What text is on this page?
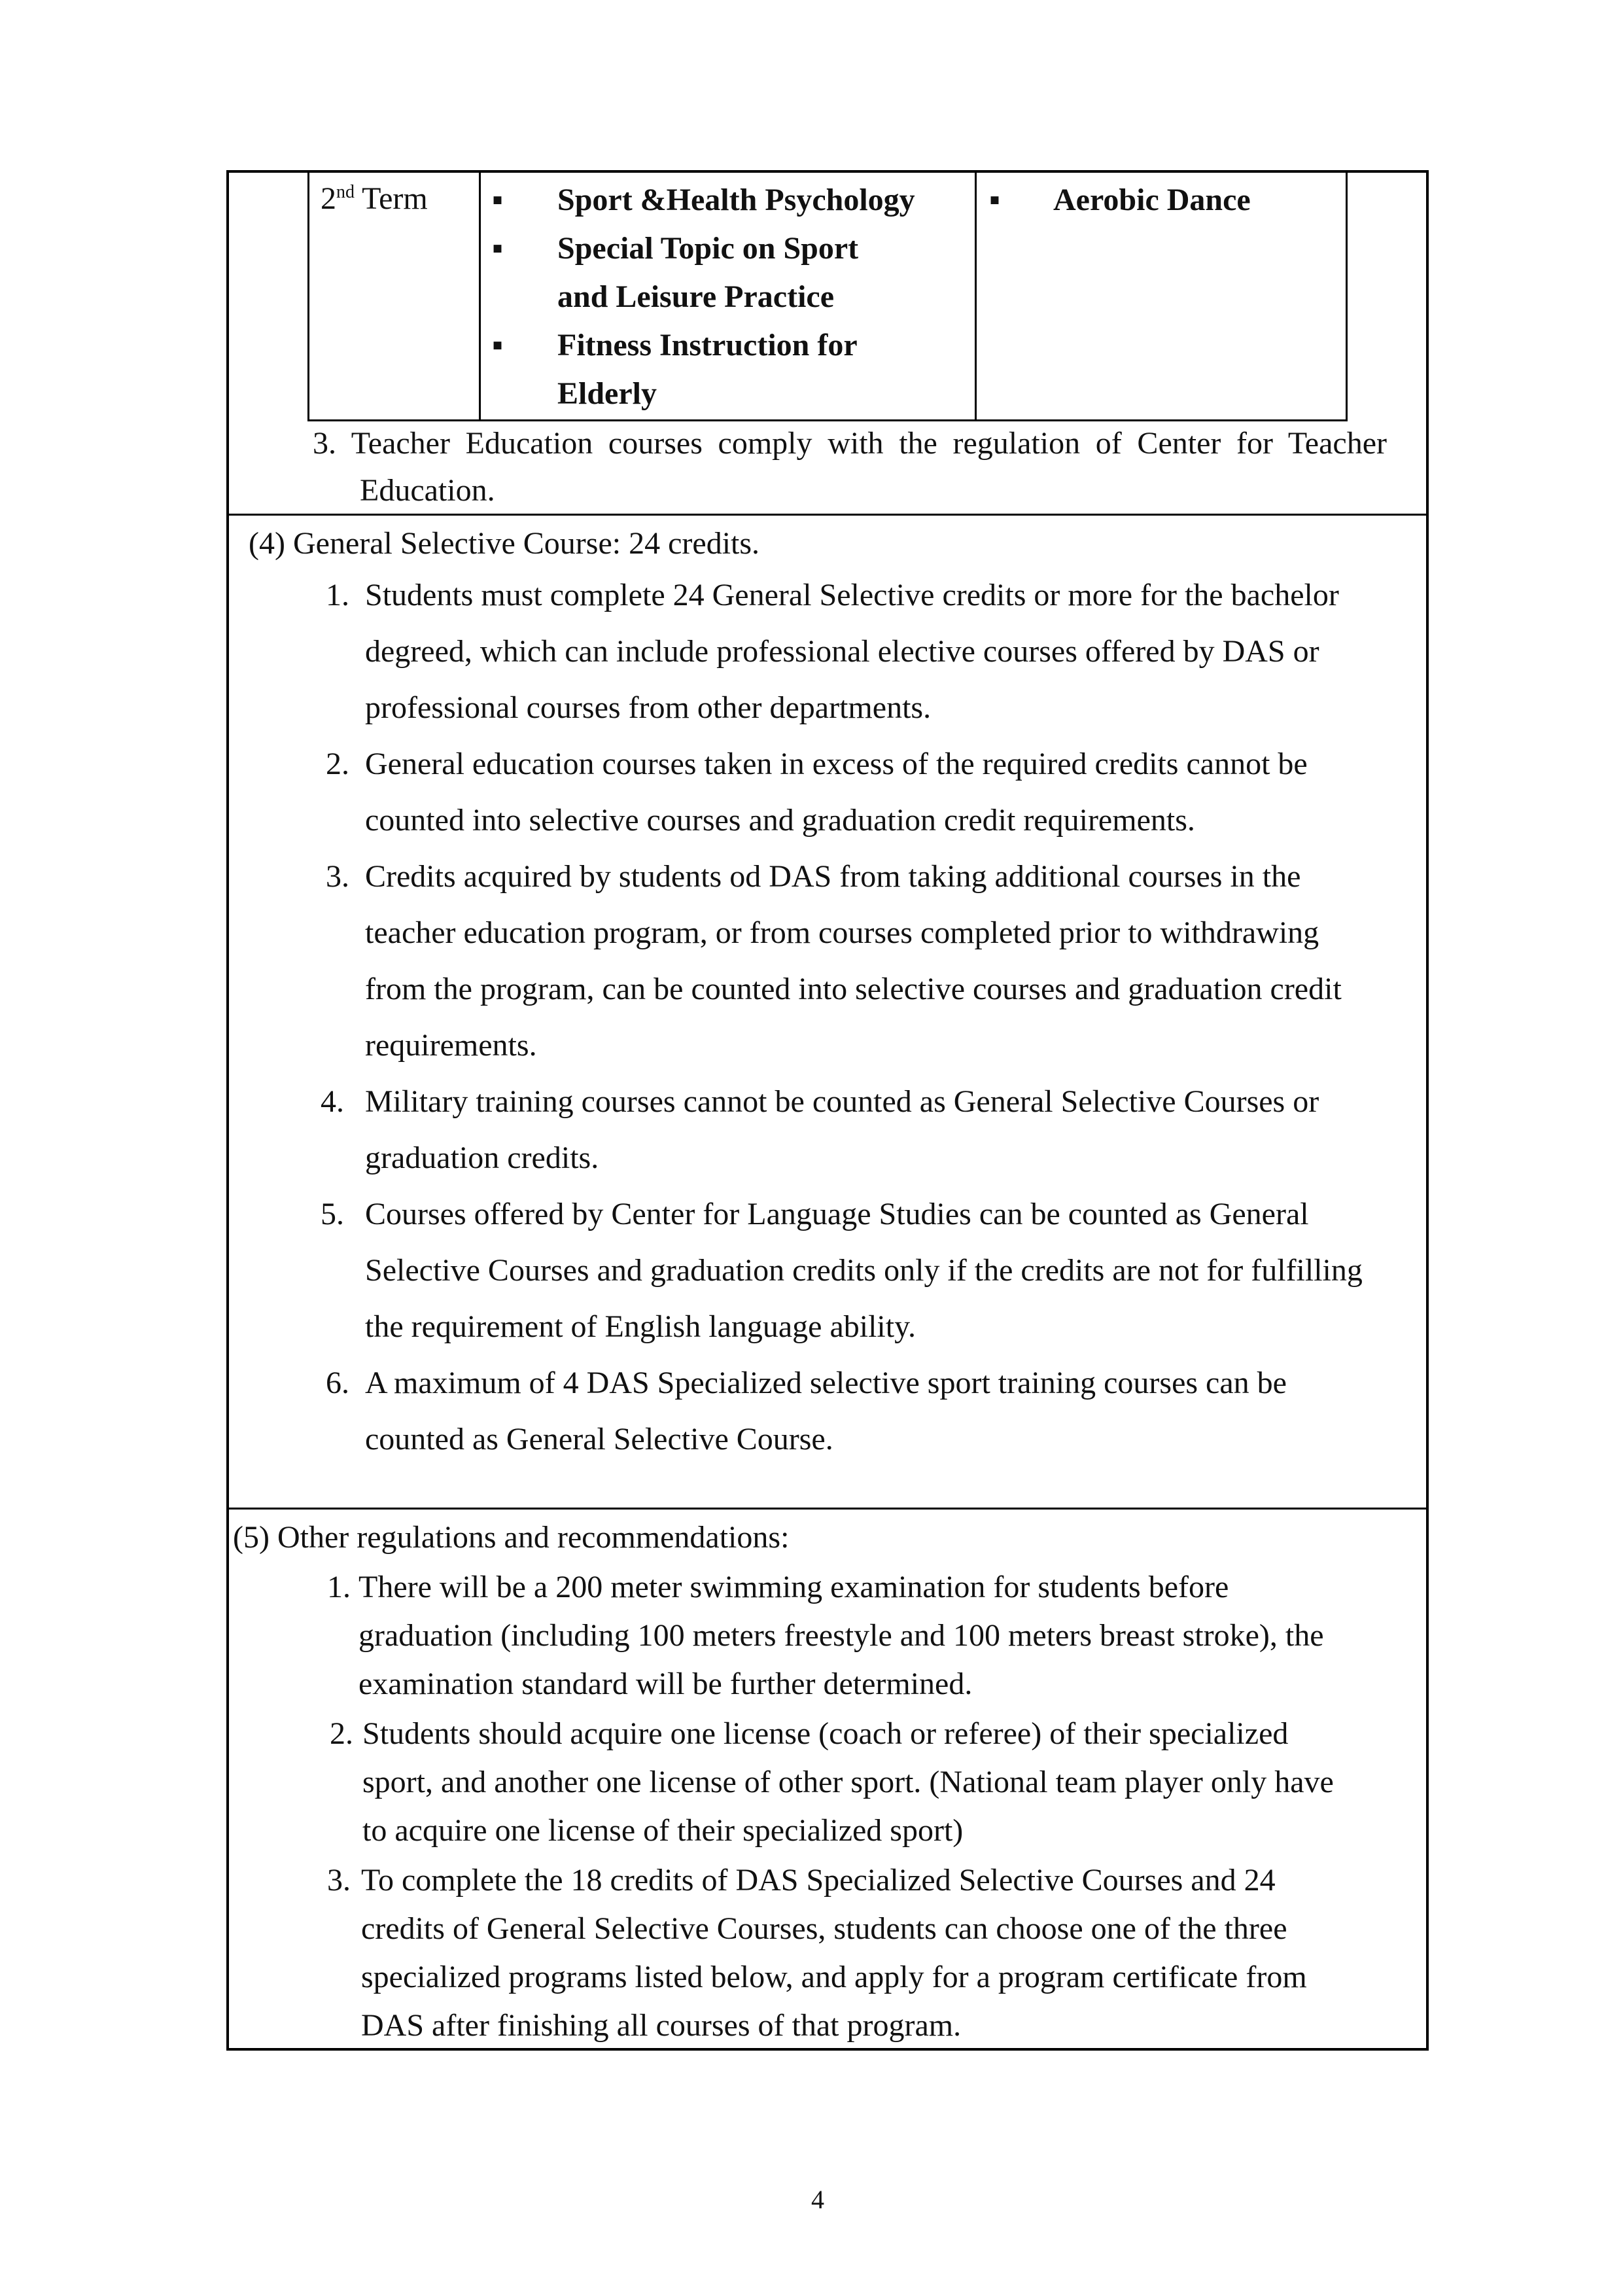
2nd Term ▪ Sport &Health Psychology
▪ Special Topic on Sport
and Leisure Practice
▪ Fitness Instruction for
Elderly
▪ Aerobic Dance
3. Teacher Education courses comply with the regulation of Center for Teacher
Education.
(4) General Selective Course: 24 credits.
1. Students must complete 24 General Selective credits or more for the bachelor
degreed, which can include professional elective courses offered by DAS or
professional courses from other departments.
2. General education courses taken in excess of the required credits cannot be
counted into selective courses and graduation credit requirements.
3. Credits acquired by students od DAS from taking additional courses in the
teacher education program, or from courses completed prior to withdrawing
from the program, can be counted into selective courses and graduation credit
requirements.
4. Military training courses cannot be counted as General Selective Courses or
graduation credits.
5. Courses offered by Center for Language Studies can be counted as General
Selective Courses and graduation credits only if the credits are not for fulfilling
the requirement of English language ability.
6. A maximum of 4 DAS Specialized selective sport training courses can be
counted as General Selective Course.
(5) Other regulations and recommendations:
1. There will be a 200 meter swimming examination for students before
graduation (including 100 meters freestyle and 100 meters breast stroke), the
examination standard will be further determined.
2. Students should acquire one license (coach or referee) of their specialized
sport, and another one license of other sport. (National team player only have
to acquire one license of their specialized sport)
3. To complete the 18 credits of DAS Specialized Selective Courses and 24
credits of General Selective Courses, students can choose one of the three
specialized programs listed below, and apply for a program certificate from
DAS after finishing all courses of that program.
4
